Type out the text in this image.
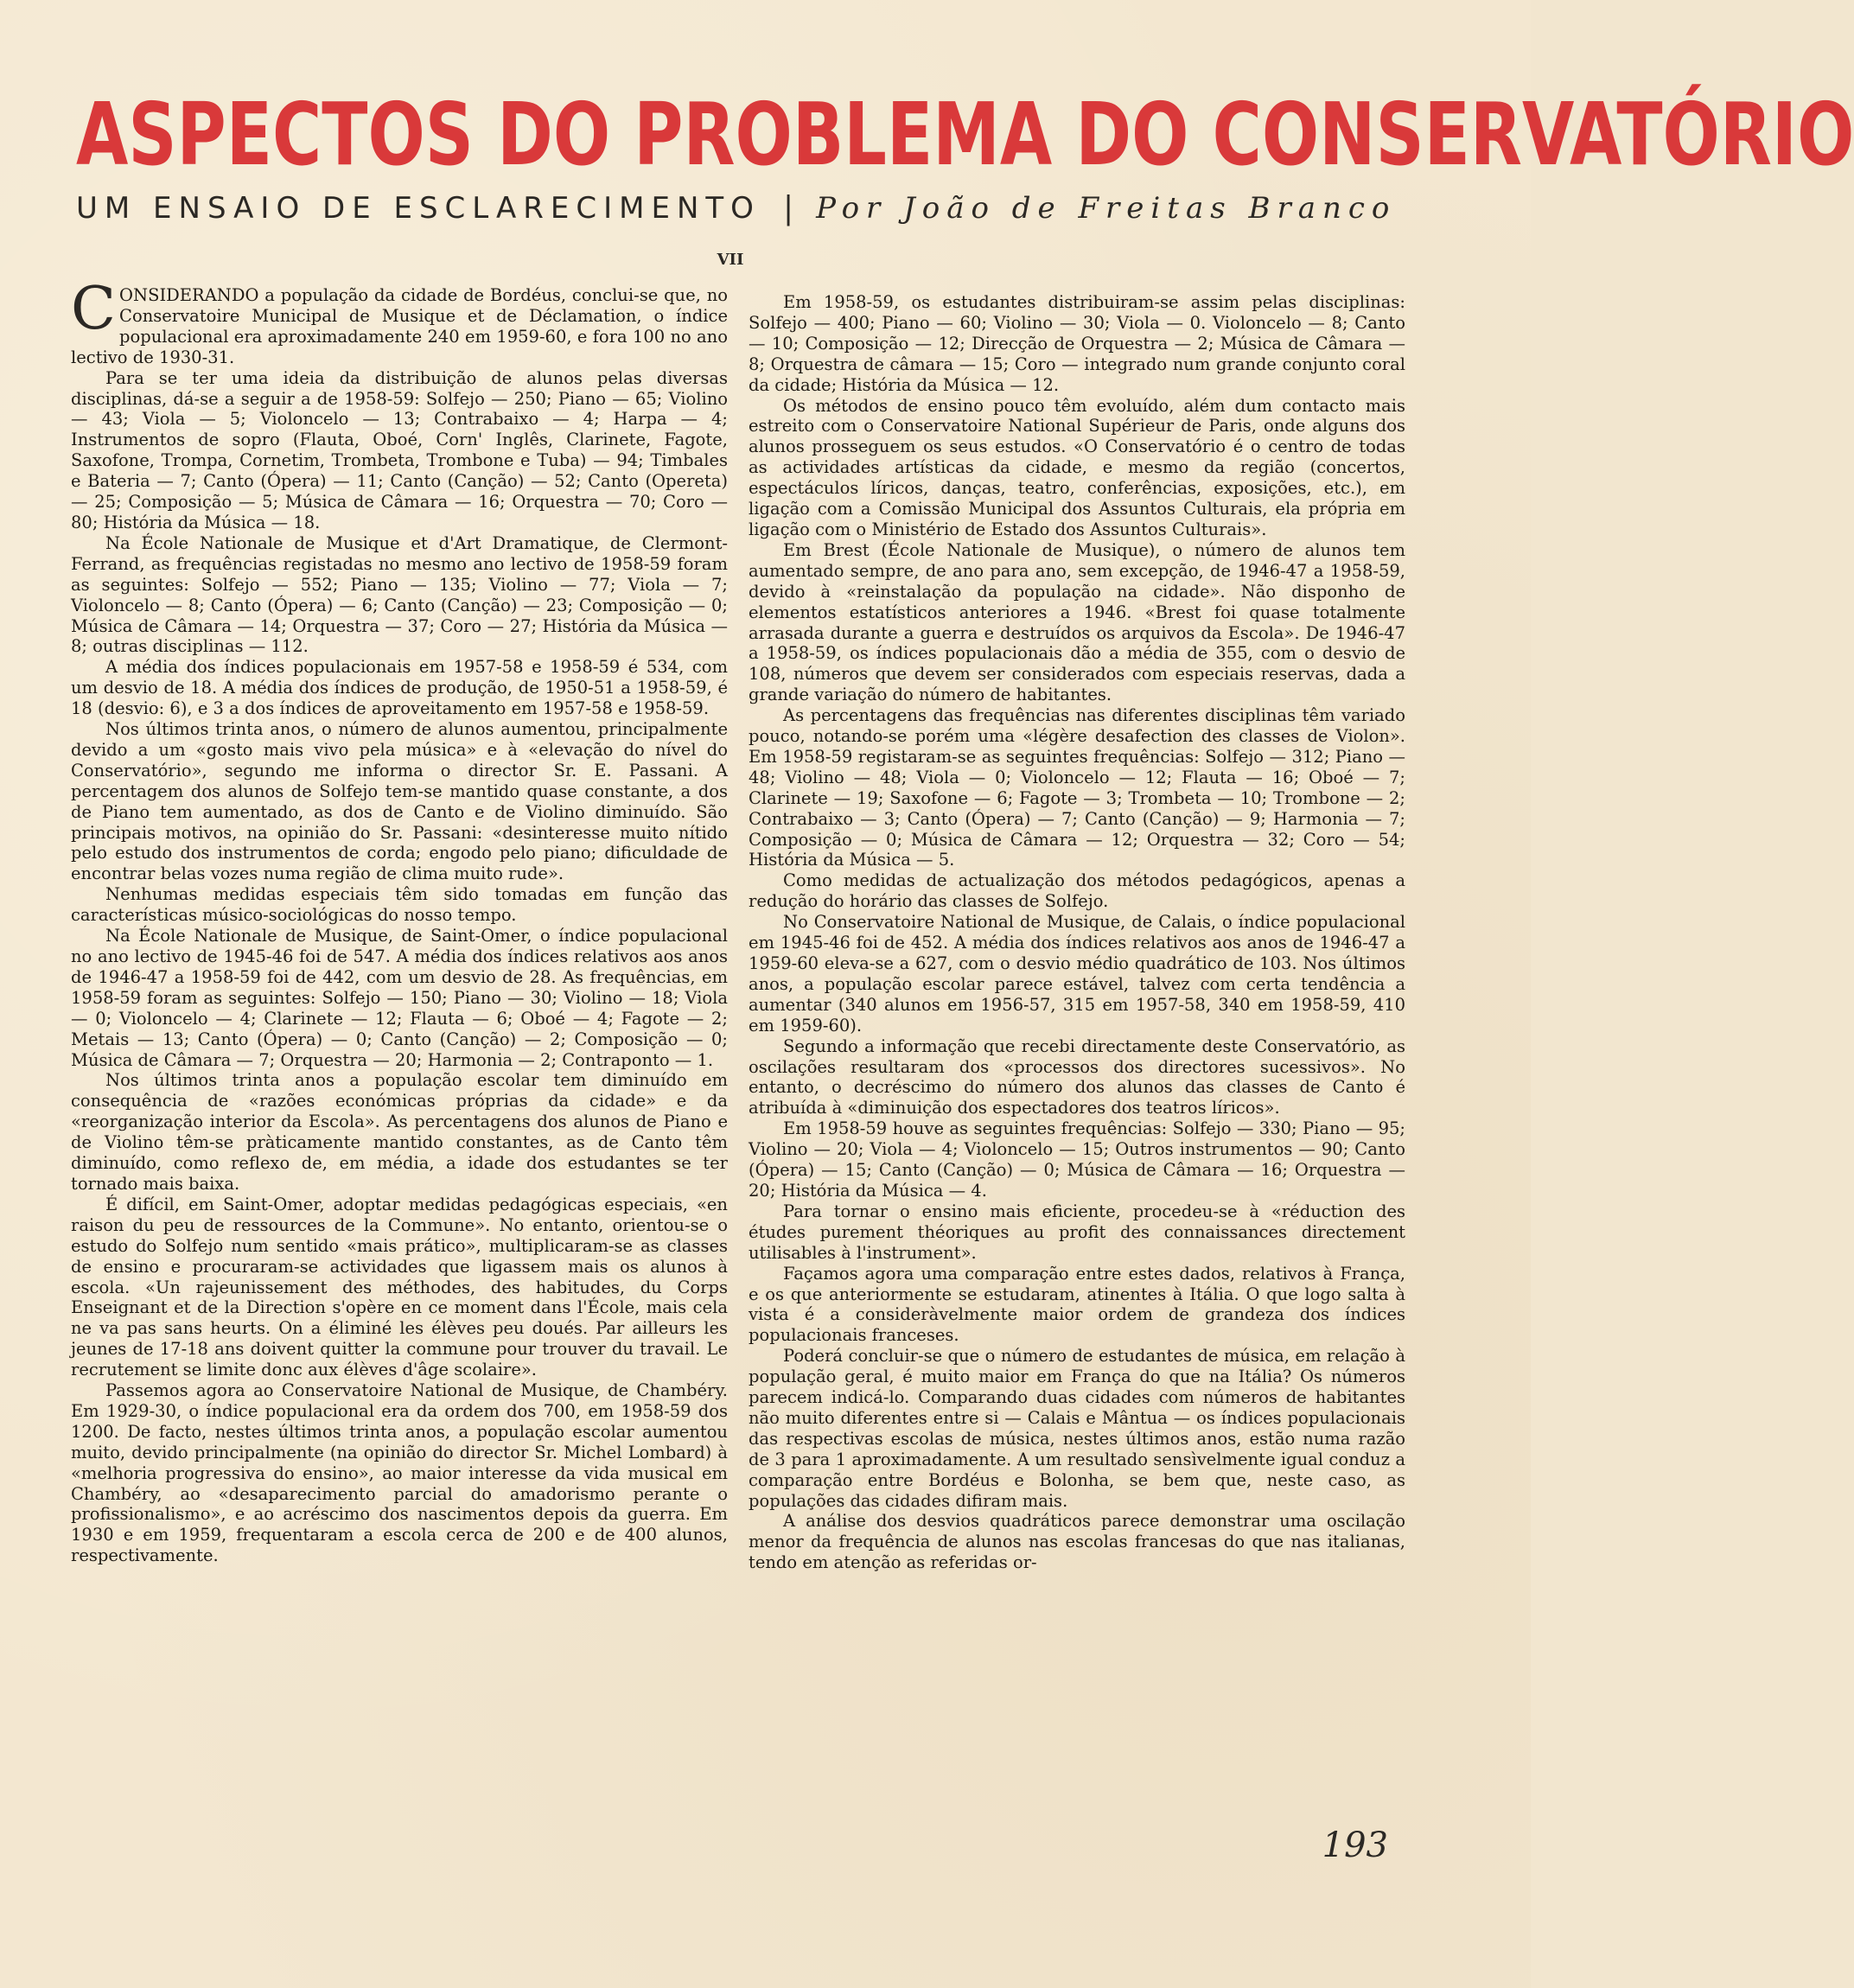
ASPECTOS DO PROBLEMA DO CONSERVATÓRIO
UM ENSAIO DE ESCLARECIMENTO | Por João de Freitas Branco
VII

CONSIDERANDO a população da cidade de Bordéus, conclui-se que, no Conservatoire Municipal de Musique et de Déclamation, o índice populacional era aproximadamente 240 em 1959-60, e fora 100 no ano lectivo de 1930-31.

Para se ter uma ideia da distribuição de alunos pelas diversas disciplinas, dá-se a seguir a de 1958-59: Solfejo — 250; Piano — 65; Violino — 43; Viola — 5; Violoncelo — 13; Contrabaixo — 4; Harpa — 4; Instrumentos de sopro (Flauta, Oboé, Corn' Inglês, Clarinete, Fagote, Saxofone, Trompa, Cornetim, Trombeta, Trombone e Tuba) — 94; Timbales e Bateria — 7; Canto (Ópera) — 11; Canto (Canção) — 52; Canto (Opereta) — 25; Composição — 5; Música de Câmara — 16; Orquestra — 70; Coro — 80; História da Música — 18.

Na École Nationale de Musique et d'Art Dramatique, de Clermont-Ferrand, as frequências registadas no mesmo ano lectivo de 1958-59 foram as seguintes: Solfejo — 552; Piano — 135; Violino — 77; Viola — 7; Violoncelo — 8; Canto (Ópera) — 6; Canto (Canção) — 23; Composição — 0; Música de Câmara — 14; Orquestra — 37; Coro — 27; História da Música — 8; outras disciplinas — 112.

A média dos índices populacionais em 1957-58 e 1958-59 é 534, com um desvio de 18. A média dos índices de produção, de 1950-51 a 1958-59, é 18 (desvio: 6), e 3 a dos índices de aproveitamento em 1957-58 e 1958-59.

Nos últimos trinta anos, o número de alunos aumentou, principalmente devido a um «gosto mais vivo pela música» e à «elevação do nível do Conservatório», segundo me informa o director Sr. E. Passani. A percentagem dos alunos de Solfejo tem-se mantido quase constante, a dos de Piano tem aumentado, as dos de Canto e de Violino diminuído. São principais motivos, na opinião do Sr. Passani: «desinteresse muito nítido pelo estudo dos instrumentos de corda; engodo pelo piano; dificuldade de encontrar belas vozes numa região de clima muito rude».

Nenhumas medidas especiais têm sido tomadas em função das características músico-sociológicas do nosso tempo.

Na École Nationale de Musique, de Saint-Omer, o índice populacional no ano lectivo de 1945-46 foi de 547. A média dos índices relativos aos anos de 1946-47 a 1958-59 foi de 442, com um desvio de 28. As frequências, em 1958-59 foram as seguintes: Solfejo — 150; Piano — 30; Violino — 18; Viola — 0; Violoncelo — 4; Clarinete — 12; Flauta — 6; Oboé — 4; Fagote — 2; Metais — 13; Canto (Ópera) — 0; Canto (Canção) — 2; Composição — 0; Música de Câmara — 7; Orquestra — 20; Harmonia — 2; Contraponto — 1.

Nos últimos trinta anos a população escolar tem diminuído em consequência de «razões económicas próprias da cidade» e da «reorganização interior da Escola». As percentagens dos alunos de Piano e de Violino têm-se pràticamente mantido constantes, as de Canto têm diminuído, como reflexo de, em média, a idade dos estudantes se ter tornado mais baixa.

É difícil, em Saint-Omer, adoptar medidas pedagógicas especiais, «en raison du peu de ressources de la Commune». No entanto, orientou-se o estudo do Solfejo num sentido «mais prático», multiplicaram-se as classes de ensino e procuraram-se actividades que ligassem mais os alunos à escola. «Un rajeunissement des méthodes, des habitudes, du Corps Enseignant et de la Direction s'opère en ce moment dans l'École, mais cela ne va pas sans heurts. On a éliminé les élèves peu doués. Par ailleurs les jeunes de 17-18 ans doivent quitter la commune pour trouver du travail. Le recrutement se limite donc aux élèves d'âge scolaire».

Passemos agora ao Conservatoire National de Musique, de Chambéry. Em 1929-30, o índice populacional era da ordem dos 700, em 1958-59 dos 1200. De facto, nestes últimos trinta anos, a população escolar aumentou muito, devido principalmente (na opinião do director Sr. Michel Lombard) à «melhoria progressiva do ensino», ao maior interesse da vida musical em Chambéry, ao «desaparecimento parcial do amadorismo perante o profissionalismo», e ao acréscimo dos nascimentos depois da guerra. Em 1930 e em 1959, frequentaram a escola cerca de 200 e de 400 alunos, respectivamente.

Em 1958-59, os estudantes distribuiram-se assim pelas disciplinas: Solfejo — 400; Piano — 60; Violino — 30; Viola — 0. Violoncelo — 8; Canto — 10; Composição — 12; Direcção de Orquestra — 2; Música de Câmara — 8; Orquestra de câmara — 15; Coro — integrado num grande conjunto coral da cidade; História da Música — 12.

Os métodos de ensino pouco têm evoluído, além dum contacto mais estreito com o Conservatoire National Supérieur de Paris, onde alguns dos alunos prosseguem os seus estudos. «O Conservatório é o centro de todas as actividades artísticas da cidade, e mesmo da região (concertos, espectáculos líricos, danças, teatro, conferências, exposições, etc.), em ligação com a Comissão Municipal dos Assuntos Culturais, ela própria em ligação com o Ministério de Estado dos Assuntos Culturais».

Em Brest (École Nationale de Musique), o número de alunos tem aumentado sempre, de ano para ano, sem excepção, de 1946-47 a 1958-59, devido à «reinstalação da população na cidade». Não disponho de elementos estatísticos anteriores a 1946. «Brest foi quase totalmente arrasada durante a guerra e destruídos os arquivos da Escola». De 1946-47 a 1958-59, os índices populacionais dão a média de 355, com o desvio de 108, números que devem ser considerados com especiais reservas, dada a grande variação do número de habitantes.

As percentagens das frequências nas diferentes disciplinas têm variado pouco, notando-se porém uma «légère desafection des classes de Violon». Em 1958-59 registaram-se as seguintes frequências: Solfejo — 312; Piano — 48; Violino — 48; Viola — 0; Violoncelo — 12; Flauta — 16; Oboé — 7; Clarinete — 19; Saxofone — 6; Fagote — 3; Trombeta — 10; Trombone — 2; Contrabaixo — 3; Canto (Ópera) — 7; Canto (Canção) — 9; Harmonia — 7; Composição — 0; Música de Câmara — 12; Orquestra — 32; Coro — 54; História da Música — 5.

Como medidas de actualização dos métodos pedagógicos, apenas a redução do horário das classes de Solfejo.

No Conservatoire National de Musique, de Calais, o índice populacional em 1945-46 foi de 452. A média dos índices relativos aos anos de 1946-47 a 1959-60 eleva-se a 627, com o desvio médio quadrático de 103. Nos últimos anos, a população escolar parece estável, talvez com certa tendência a aumentar (340 alunos em 1956-57, 315 em 1957-58, 340 em 1958-59, 410 em 1959-60).

Segundo a informação que recebi directamente deste Conservatório, as oscilações resultaram dos «processos dos directores sucessivos». No entanto, o decréscimo do número dos alunos das classes de Canto é atribuída à «diminuição dos espectadores dos teatros líricos».

Em 1958-59 houve as seguintes frequências: Solfejo — 330; Piano — 95; Violino — 20; Viola — 4; Violoncelo — 15; Outros instrumentos — 90; Canto (Ópera) — 15; Canto (Canção) — 0; Música de Câmara — 16; Orquestra — 20; História da Música — 4.

Para tornar o ensino mais eficiente, procedeu-se à «réduction des études purement théoriques au profit des connaissances directement utilisables à l'instrument».

Façamos agora uma comparação entre estes dados, relativos à França, e os que anteriormente se estudaram, atinentes à Itália. O que logo salta à vista é a consideràvelmente maior ordem de grandeza dos índices populacionais franceses.

Poderá concluir-se que o número de estudantes de música, em relação à população geral, é muito maior em França do que na Itália? Os números parecem indicá-lo. Comparando duas cidades com números de habitantes não muito diferentes entre si — Calais e Mântua — os índices populacionais das respectivas escolas de música, nestes últimos anos, estão numa razão de 3 para 1 aproximadamente. A um resultado sensìvelmente igual conduz a comparação entre Bordéus e Bolonha, se bem que, neste caso, as populações das cidades difiram mais.

A análise dos desvios quadráticos parece demonstrar uma oscilação menor da frequência de alunos nas escolas francesas do que nas italianas, tendo em atenção as referidas or-

193
